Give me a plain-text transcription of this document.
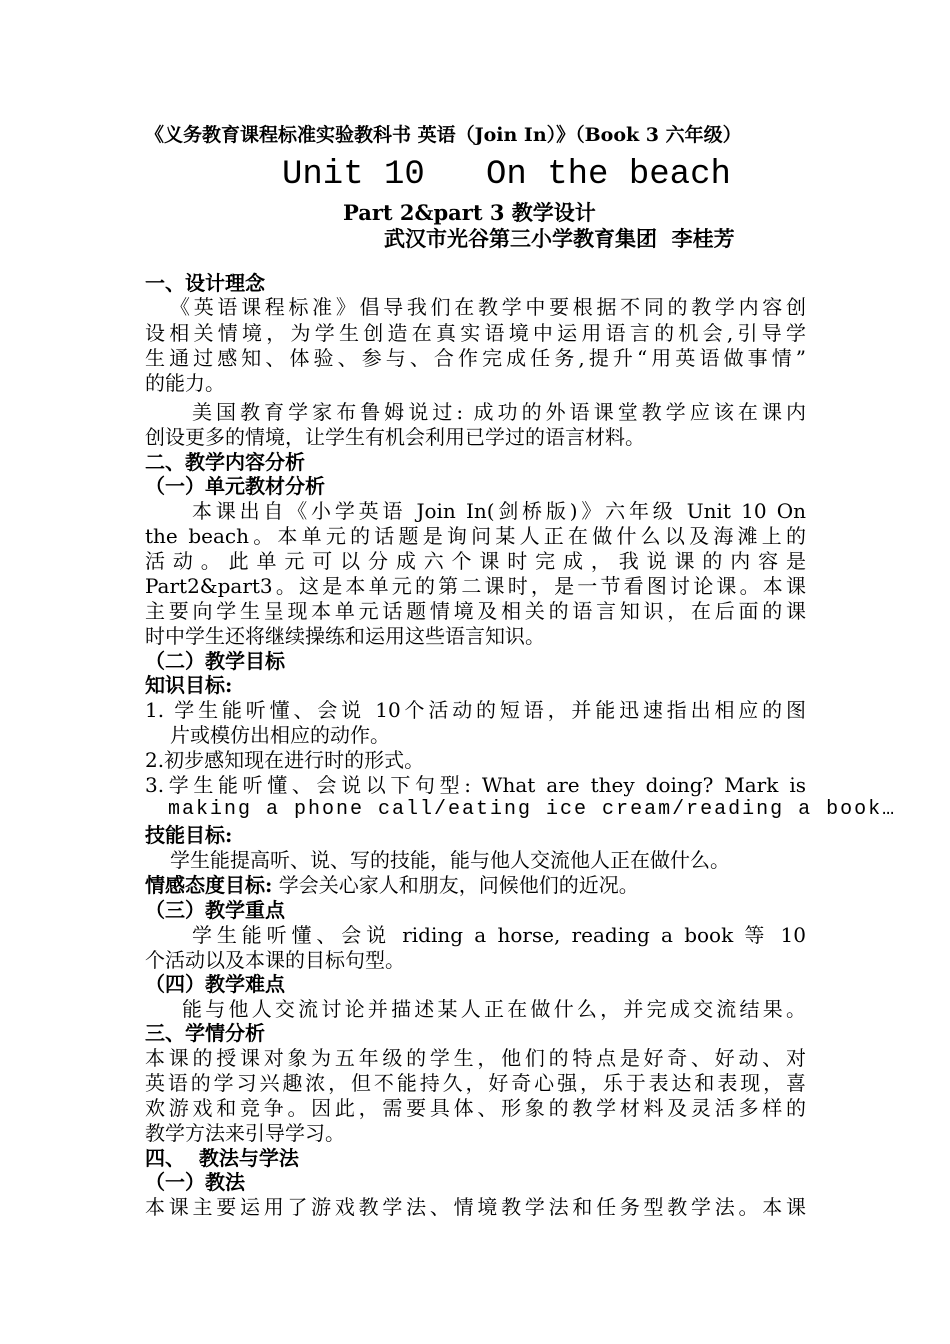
《义务教育课程标准实验教科书 英语（Join In）》（Book 3 六年级）
Unit 10   On the beach
Part 2&part 3 教学设计
武汉市光谷第三小学教育集团  李桂芳
一、设计理念
《英语课程标准》倡导我们在教学中要根据不同的教学内容创
设相关情境，为学生创造在真实语境中运用语言的机会,引导学
生通过感知、体验、参与、合作完成任务,提升“用英语做事情”
的能力。
美国教育学家布鲁姆说过: 成功的外语课堂教学应该在课内
创设更多的情境，让学生有机会利用已学过的语言材料。
二、教学内容分析
（一）单元教材分析
本课出自《小学英语 Join In(剑桥版)》六年级 Unit 10 On
the beach。本单元的话题是询问某人正在做什么以及海滩上的
活 动 。 此 单 元 可 以 分 成 六 个 课 时 完 成 ， 我 说 课 的 内 容 是
Part2&part3。这是本单元的第二课时，是一节看图讨论课。本课
主要向学生呈现本单元话题情境及相关的语言知识，在后面的课
时中学生还将继续操练和运用这些语言知识。
（二）教学目标
知识目标:
1. 学生能听懂、会说 10个活动的短语，并能迅速指出相应的图
片或模仿出相应的动作。
2.初步感知现在进行时的形式。
3.学生能听懂、会说以下句型: What are they doing? Mark is
making a phone call/eating ice cream/reading a book…
技能目标:
学生能提高听、说、写的技能，能与他人交流他人正在做什么。
情感态度目标: 学会关心家人和朋友，问候他们的近况。
（三）教学重点
学生能听懂、会说 riding a horse, reading a book 等 10
个活动以及本课的目标句型。
（四）教学难点
能与他人交流讨论并描述某人正在做什么，并完成交流结果。
三、学情分析
本课的授课对象为五年级的学生，他们的特点是好奇、好动、对
英语的学习兴趣浓，但不能持久，好奇心强，乐于表达和表现，喜
欢游戏和竞争。因此，需要具体、形象的教学材料及灵活多样的
教学方法来引导学习。
四、  教法与学法
（一）教法
本课主要运用了游戏教学法、情境教学法和任务型教学法。本课
